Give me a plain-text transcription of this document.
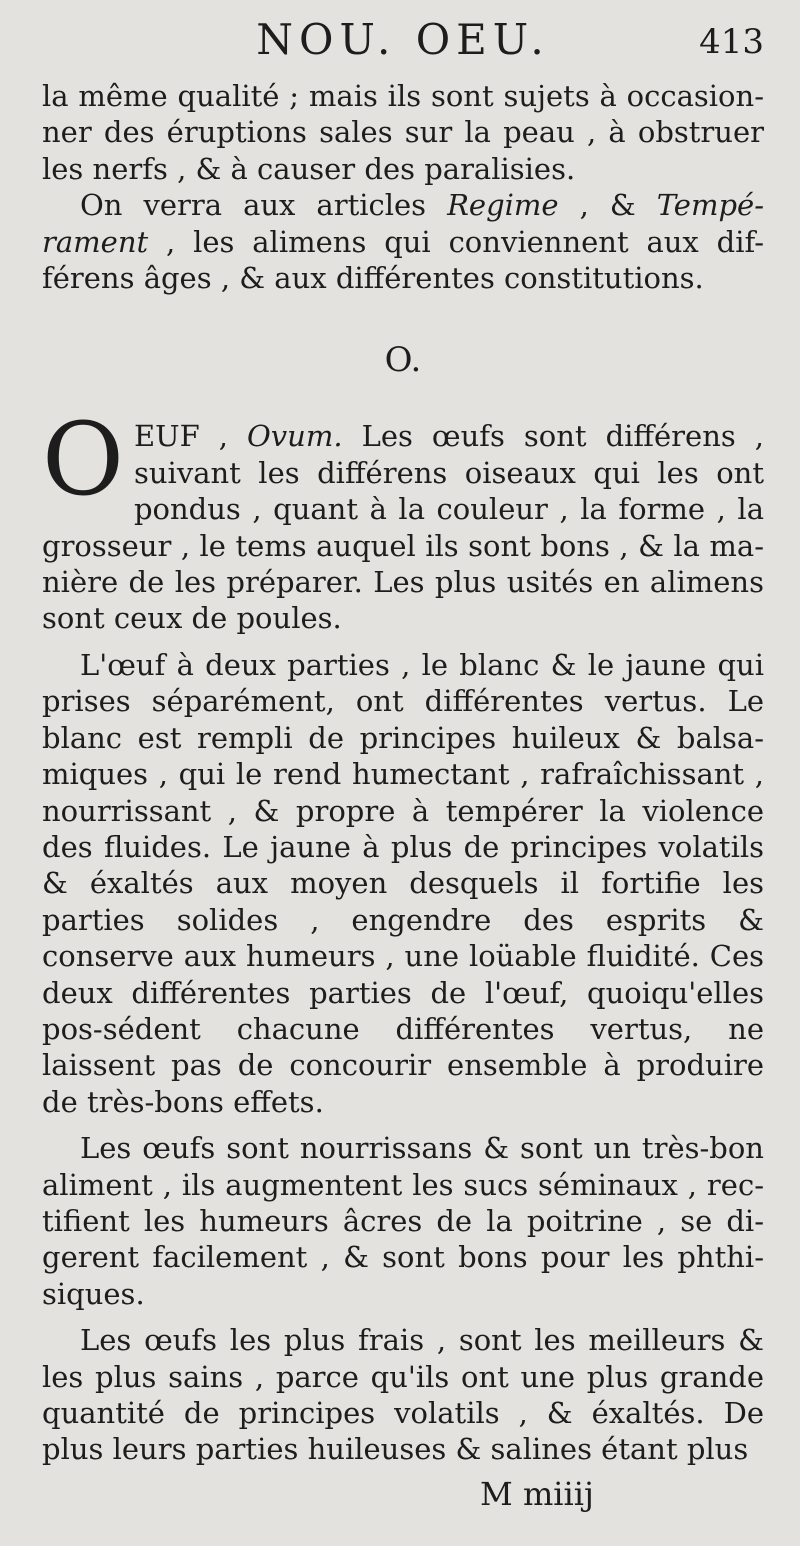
NOU. OEU.	413

la même qualité ; mais ils sont sujets à occasion-ner des éruptions sales sur la peau , à obstruer les nerfs , & à causer des paralisies.

On verra aux articles Regime , & Tempé-rament , les alimens qui conviennent aux dif-férens âges , & aux différentes constitutions.

O.

OEUF , Ovum. Les œufs sont différens , suivant les différens oiseaux qui les ont pondus , quant à la couleur , la forme , la grosseur , le tems auquel ils sont bons , & la ma-nière de les préparer. Les plus usités en alimens sont ceux de poules.

L'œuf à deux parties , le blanc & le jaune qui prises séparément, ont différentes vertus. Le blanc est rempli de principes huileux & balsa-miques , qui le rend humectant , rafraîchissant , nourrissant , & propre à tempérer la violence des fluides. Le jaune à plus de principes volatils & éxaltés aux moyen desquels il fortifie les parties solides , engendre des esprits & conserve aux humeurs , une loüable fluidité. Ces deux différentes parties de l'œuf, quoiqu'elles pos-sédent chacune différentes vertus, ne laissent pas de concourir ensemble à produire de très-bons effets.

Les œufs sont nourrissans & sont un très-bon aliment , ils augmentent les sucs séminaux , rec-tifient les humeurs âcres de la poitrine , se di-gerent facilement , & sont bons pour les phthi-siques.

Les œufs les plus frais , sont les meilleurs & les plus sains , parce qu'ils ont une plus grande quantité de principes volatils , & éxaltés. De plus leurs parties huileuses & salines étant plus

M miiij
